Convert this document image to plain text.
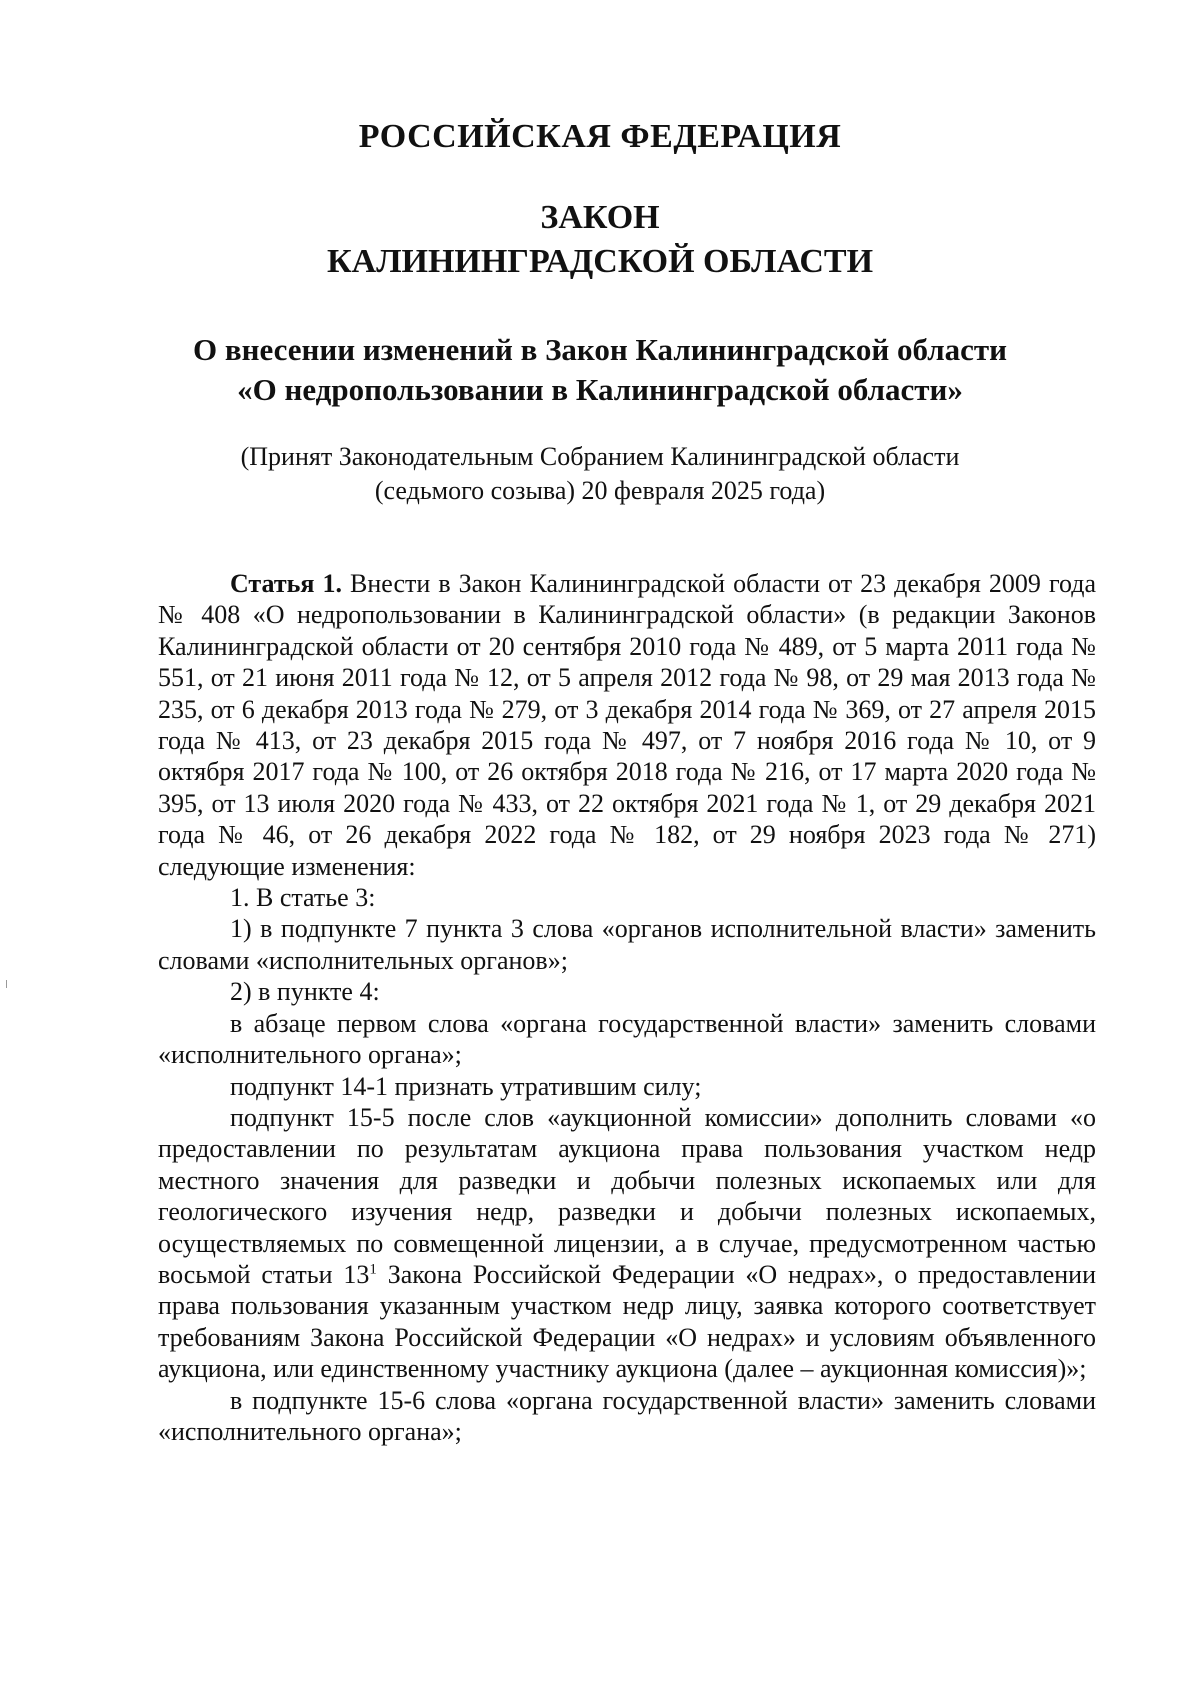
РОССИЙСКАЯ ФЕДЕРАЦИЯ
ЗАКОН
КАЛИНИНГРАДСКОЙ ОБЛАСТИ
О внесении изменений в Закон Калининградской области
«О недропользовании в Калининградской области»
(Принят Законодательным Собранием Калининградской области
(седьмого созыва) 20 февраля 2025 года)

Статья 1. Внести в Закон Калининградской области от 23 декабря 2009 года № 408 «О недропользовании в Калининградской области» (в редакции Законов Калининградской области от 20 сентября 2010 года № 489, от 5 марта 2011 года № 551, от 21 июня 2011 года № 12, от 5 апреля 2012 года № 98, от 29 мая 2013 года № 235, от 6 декабря 2013 года № 279, от 3 декабря 2014 года № 369, от 27 апреля 2015 года № 413, от 23 декабря 2015 года № 497, от 7 ноября 2016 года № 10, от 9 октября 2017 года № 100, от 26 октября 2018 года № 216, от 17 марта 2020 года № 395, от 13 июля 2020 года № 433, от 22 октября 2021 года № 1, от 29 декабря 2021 года № 46, от 26 декабря 2022 года № 182, от 29 ноября 2023 года № 271) следующие изменения:

1. В статье 3:

1) в подпункте 7 пункта 3 слова «органов исполнительной власти» заменить словами «исполнительных органов»;

2) в пункте 4:

в абзаце первом слова «органа государственной власти» заменить словами «исполнительного органа»;

подпункт 14-1 признать утратившим силу;

подпункт 15-5 после слов «аукционной комиссии» дополнить словами «о предоставлении по результатам аукциона права пользования участком недр местного значения для разведки и добычи полезных ископаемых или для геологического изучения недр, разведки и добычи полезных ископаемых, осуществляемых по совмещенной лицензии, а в случае, предусмотренном частью восьмой статьи $13^1$ Закона Российской Федерации «О недрах», о предоставлении права пользования указанным участком недр лицу, заявка которого соответствует требованиям Закона Российской Федерации «О недрах» и условиям объявленного аукциона, или единственному участнику аукциона (далее – аукционная комиссия)»;

в подпункте 15-6 слова «органа государственной власти» заменить словами «исполнительного органа»;
